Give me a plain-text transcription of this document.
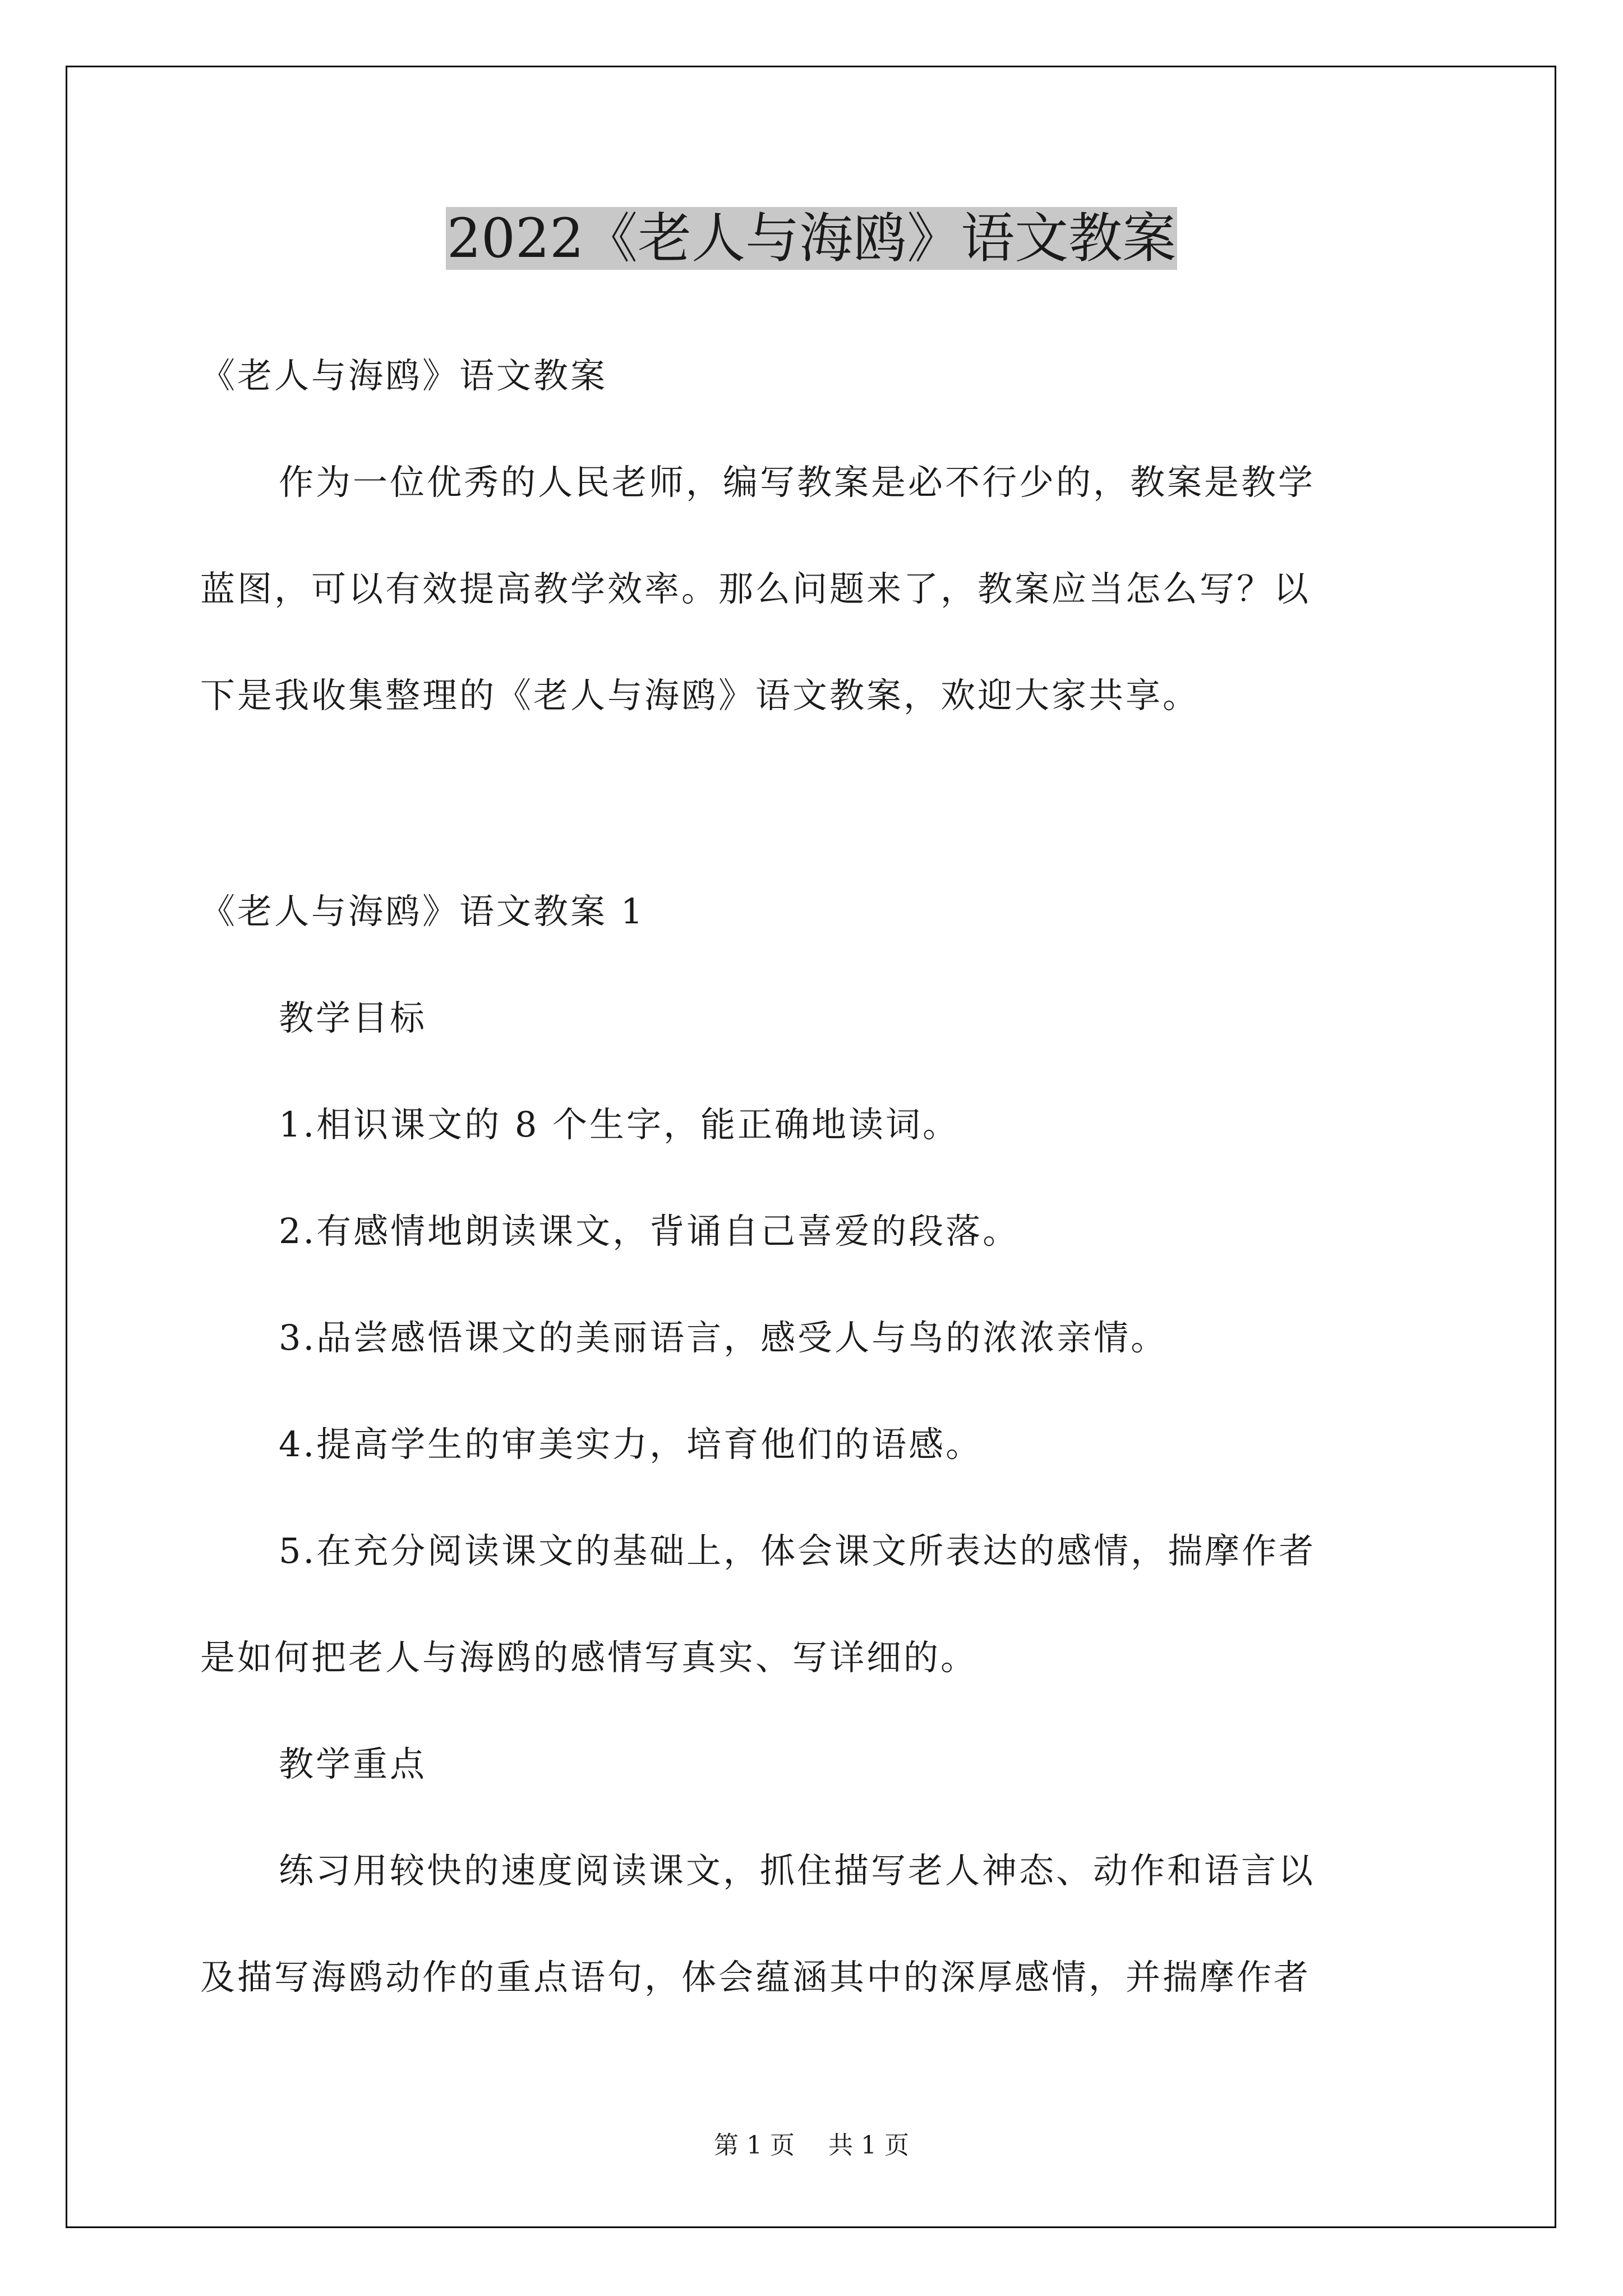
2022《老人与海鸥》语文教案
《老人与海鸥》语文教案
作为一位优秀的人民老师，编写教案是必不行少的，教案是教学
蓝图，可以有效提高教学效率。那么问题来了，教案应当怎么写？以
下是我收集整理的《老人与海鸥》语文教案，欢迎大家共享。
《老人与海鸥》语文教案 1
教学目标
1.相识课文的 8 个生字，能正确地读词。
2.有感情地朗读课文，背诵自己喜爱的段落。
3.品尝感悟课文的美丽语言，感受人与鸟的浓浓亲情。
4.提高学生的审美实力，培育他们的语感。
5.在充分阅读课文的基础上，体会课文所表达的感情，揣摩作者
是如何把老人与海鸥的感情写真实、写详细的。
教学重点
练习用较快的速度阅读课文，抓住描写老人神态、动作和语言以
及描写海鸥动作的重点语句，体会蕴涵其中的深厚感情，并揣摩作者
第 1 页 共 1 页
